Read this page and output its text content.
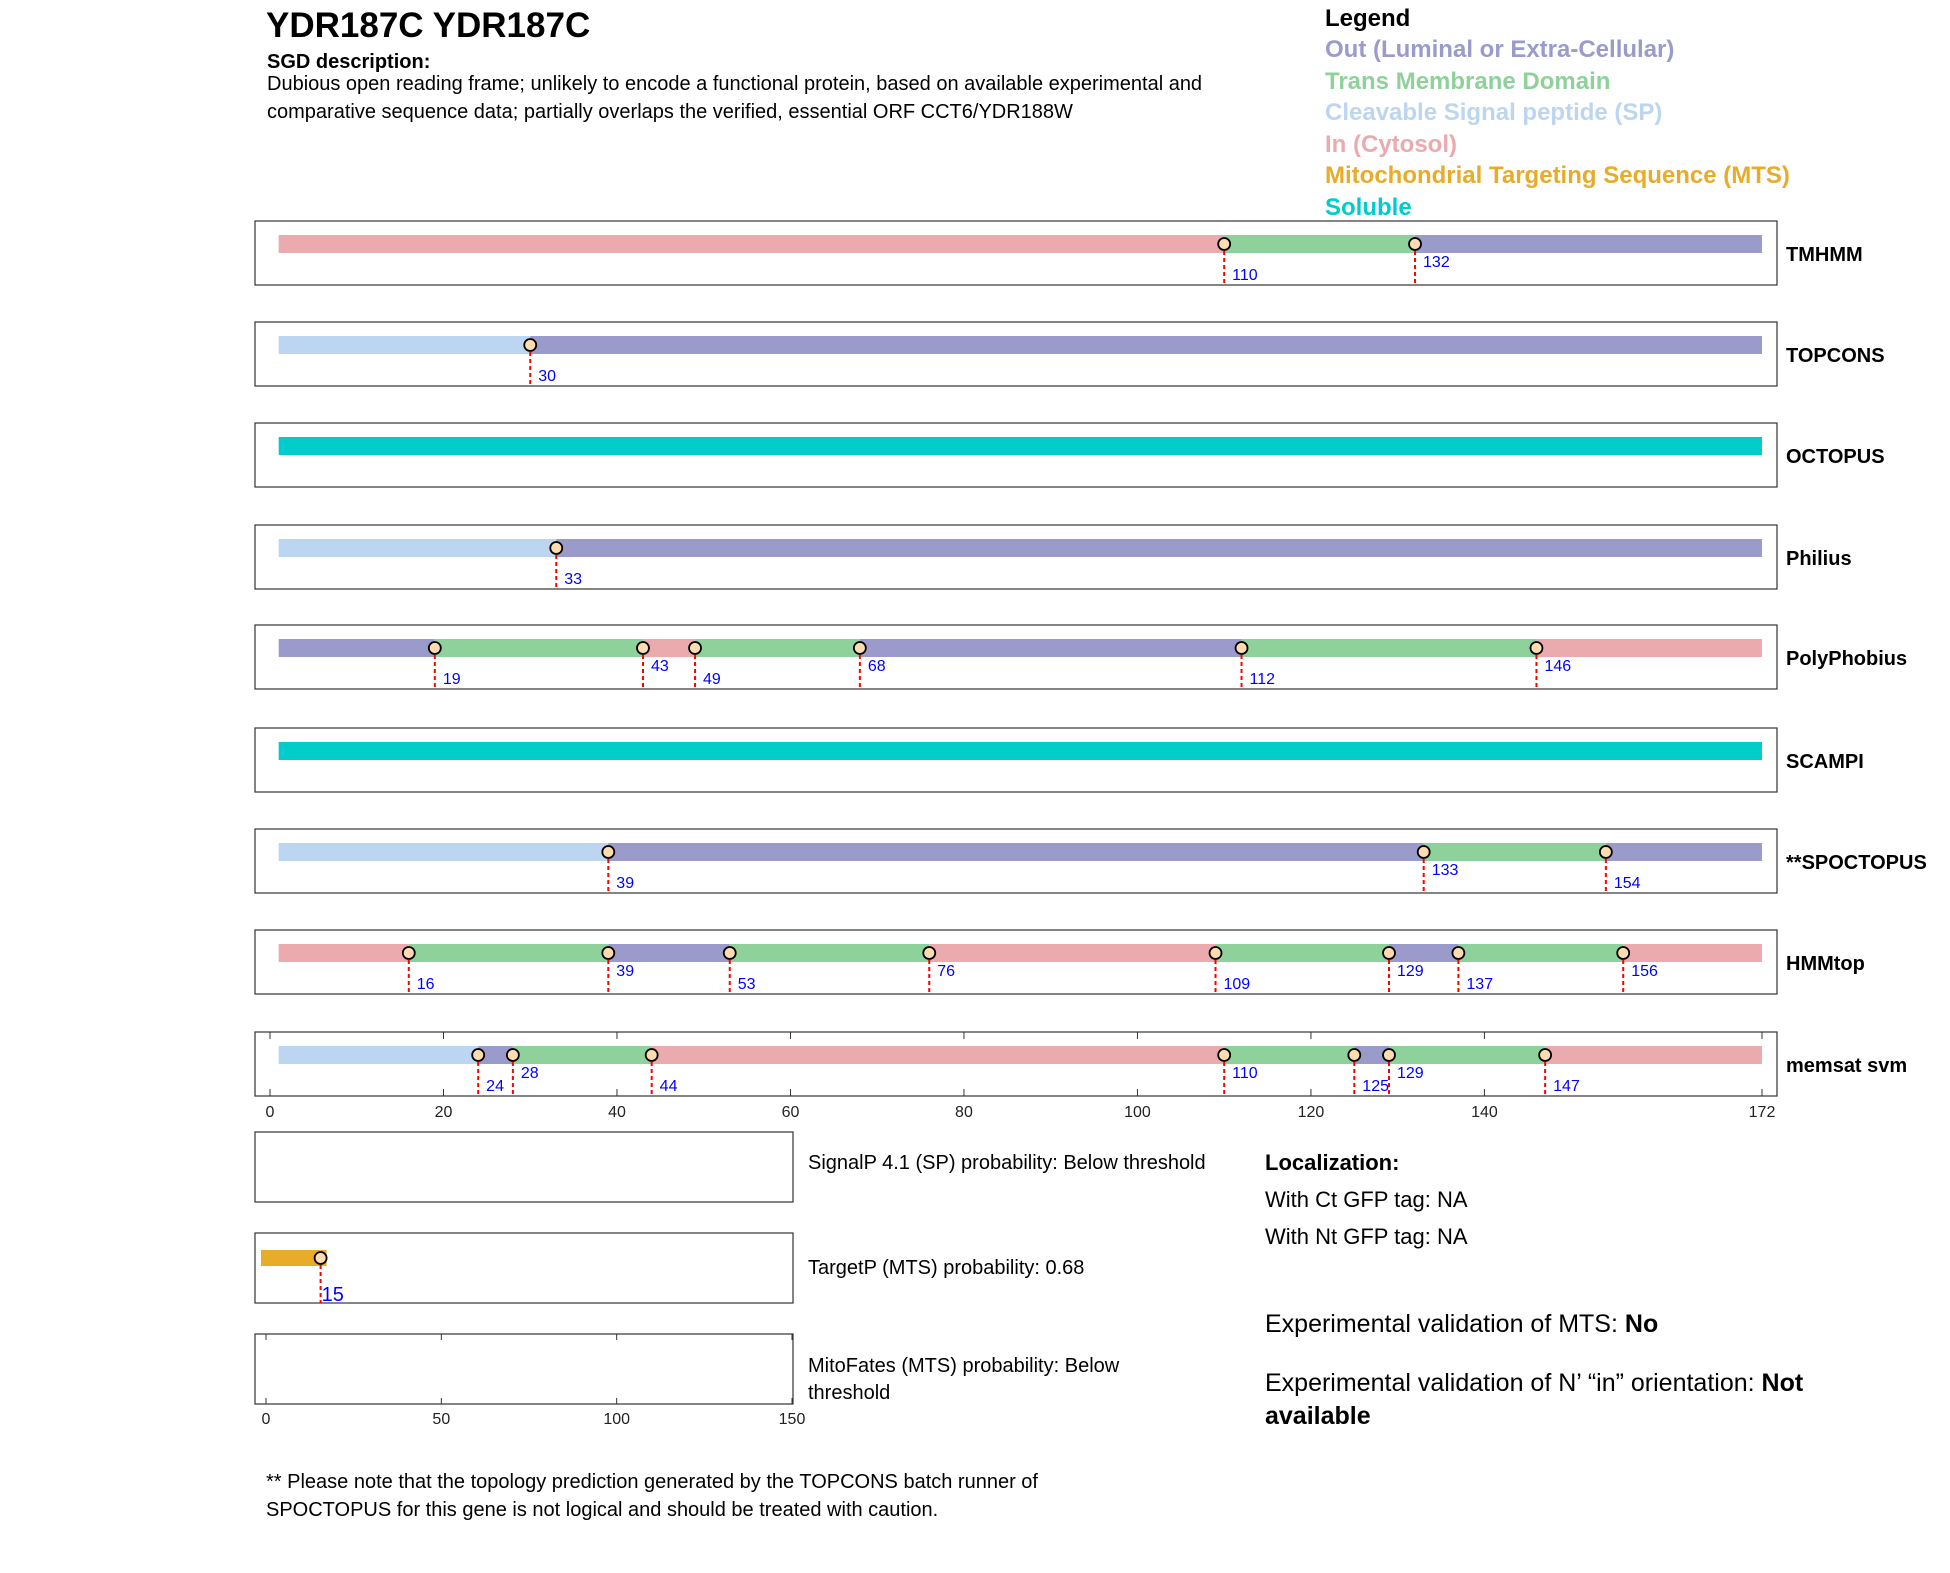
YDR187C YDR187C
SGD description:
Dubious open reading frame; unlikely to encode a functional protein, based on available experimental and comparative sequence data; partially overlaps the verified, essential ORF CCT6/YDR188W
Legend
Out (Luminal or Extra-Cellular)
Trans Membrane Domain
Cleavable Signal peptide (SP)
In (Cytosol)
Mitochondrial Targeting Sequence (MTS)
Soluble
110
132	TMHMM
30
TOPCONS
OCTOPUS
33
Philius
19
43
49
68
112
146	PolyPhobius
SCAMPI
39
133
154
**SPOCTOPUS
16
39
53
76
109
129
137
156	HMMtop
24
28
44
110
125
129
147
memsat svm
0	20	40	60	80	100	120	140	172
15
0	50	100	150
SignalP 4.1 (SP) probability: Below threshold
TargetP (MTS) probability: 0.68
MitoFates (MTS) probability: Below threshold
Localization:
With Ct GFP tag: NA
With Nt GFP tag: NA
Experimental validation of MTS: No
Experimental validation of N’ “in” orientation: Not available
** Please note that the topology prediction generated by the TOPCONS batch runner of SPOCTOPUS for this gene is not logical and should be treated with caution.
